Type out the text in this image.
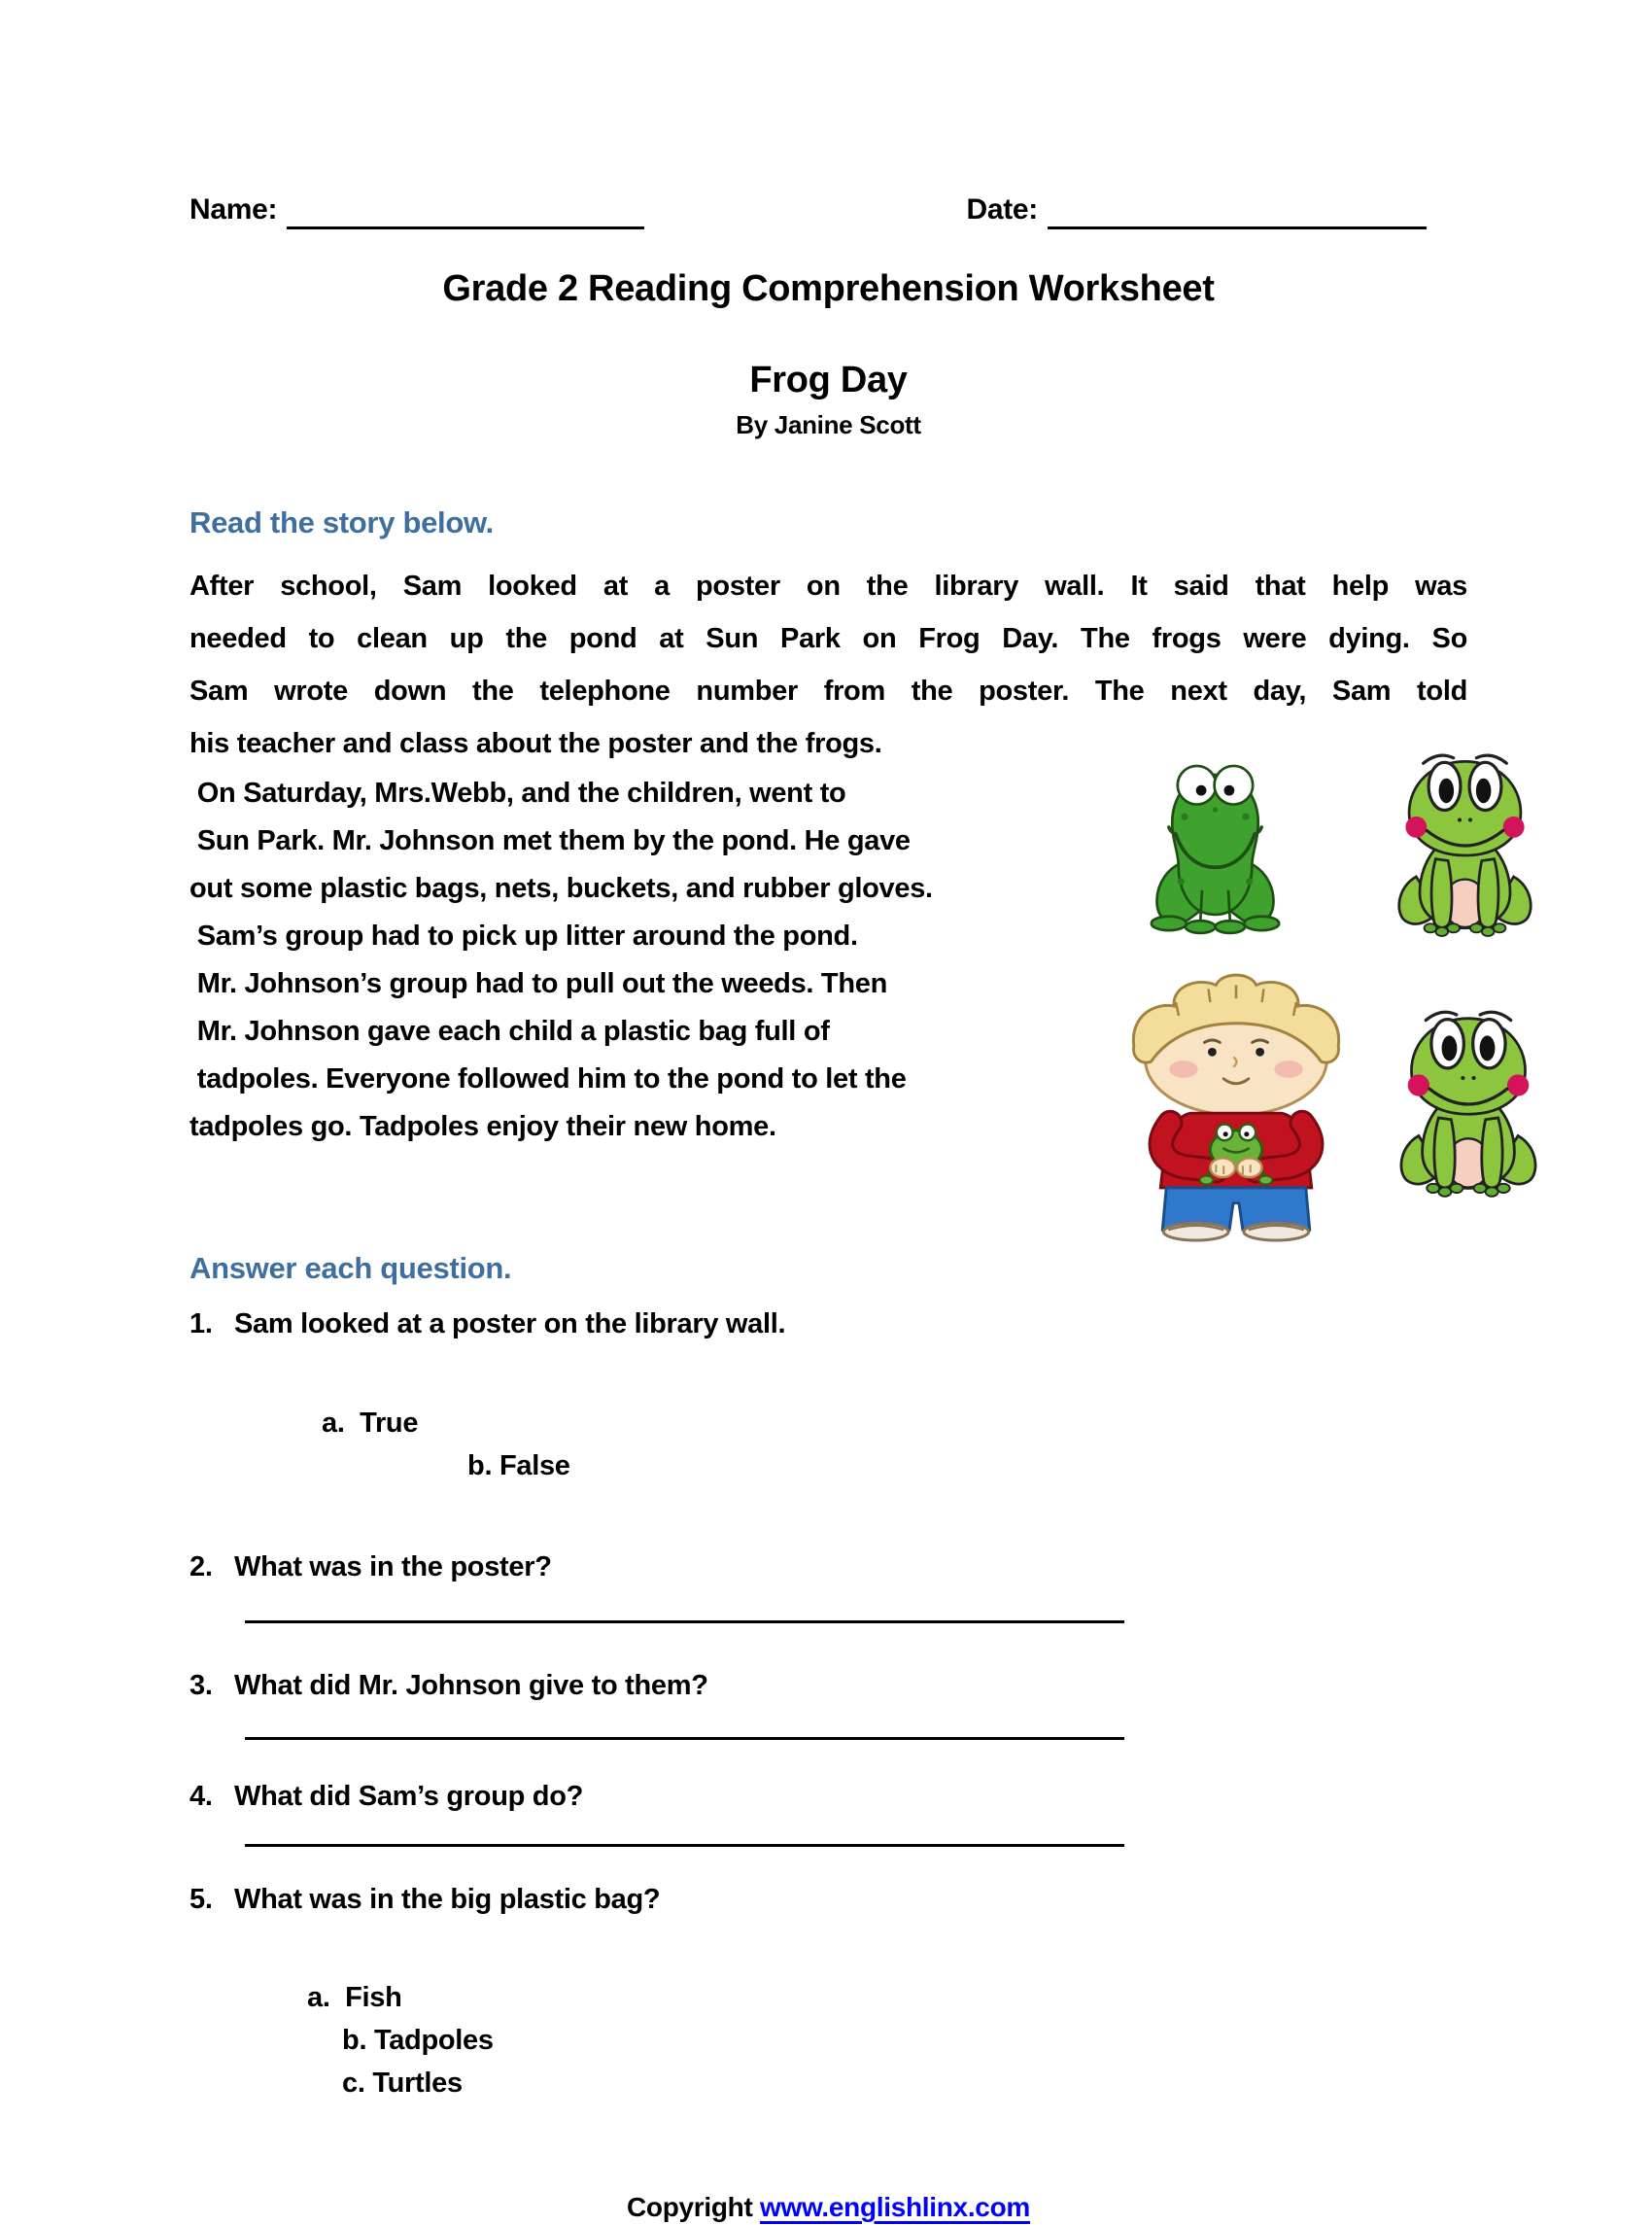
Name:	Date:
Grade 2 Reading Comprehension Worksheet
Frog Day
By Janine Scott
Read the story below.
After school, Sam looked at a poster on the library wall. It said that help was
needed to clean up the pond at Sun Park on Frog Day. The frogs were dying. So
Sam wrote down the telephone number from the poster. The next day, Sam told
his teacher and class about the poster and the frogs.
On Saturday, Mrs.Webb, and the children, went to
Sun Park. Mr. Johnson met them by the pond. He gave
out some plastic bags, nets, buckets, and rubber gloves.
Sam’s group had to pick up litter around the pond.
Mr. Johnson’s group had to pull out the weeds. Then
Mr. Johnson gave each child a plastic bag full of
tadpoles. Everyone followed him to the pond to let the
tadpoles go. Tadpoles enjoy their new home.
Answer each question.
1. Sam looked at a poster on the library wall.

a.  True
b. False

2. What was in the poster?
3. What did Mr. Johnson give to them?
4. What did Sam’s group do?
5. What was in the big plastic bag?

a.  Fish
b. Tadpoles
c. Turtles

Copyright www.englishlinx.com
